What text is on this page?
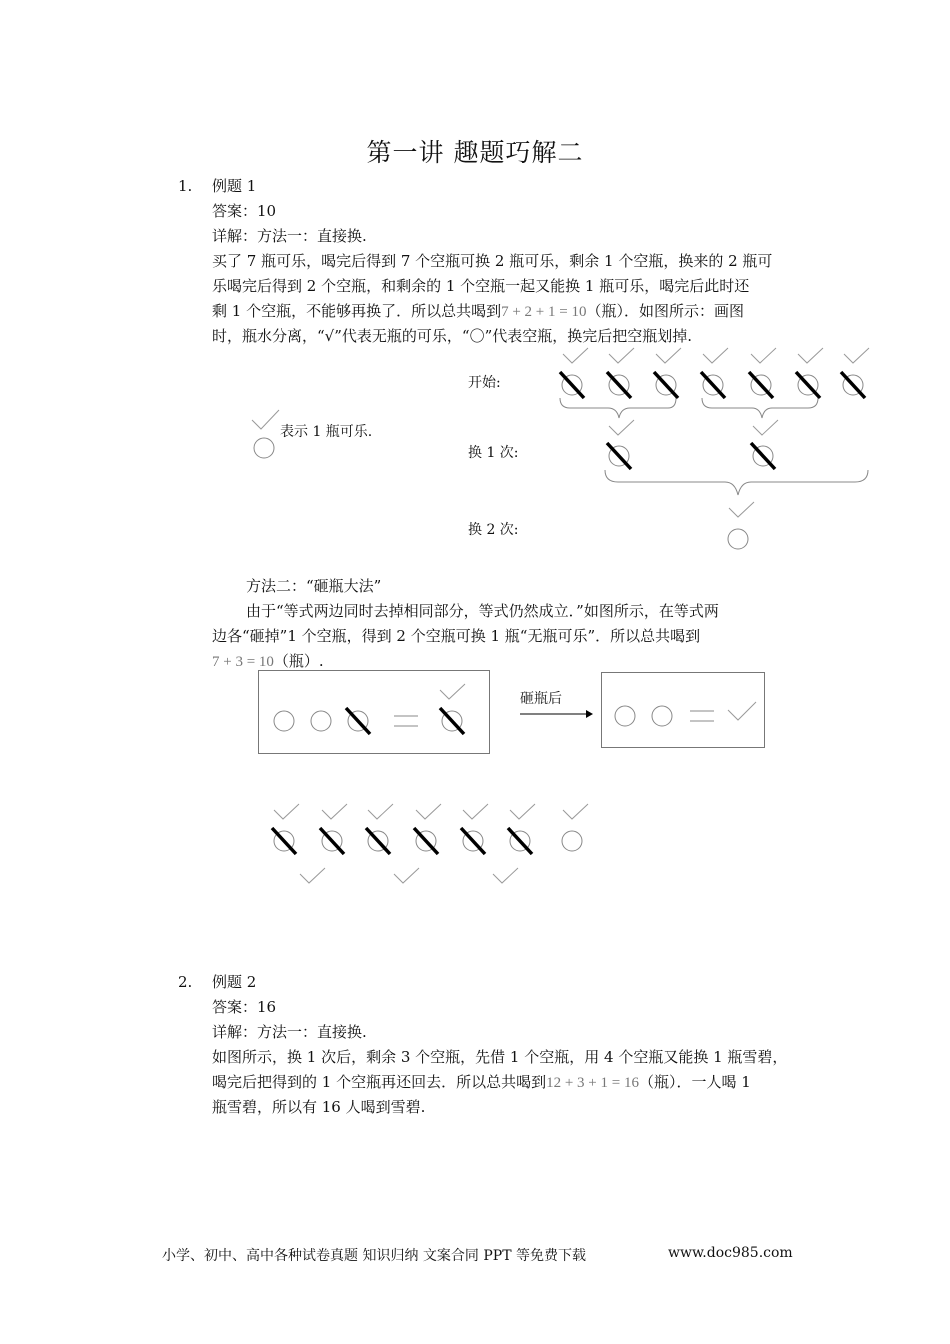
第一讲 趣题巧解二
1. 例题 1
答案：10
详解：方法一：直接换.
买了 7 瓶可乐，喝完后得到 7 个空瓶可换 2 瓶可乐，剩余 1 个空瓶，换来的 2 瓶可
乐喝完后得到 2 个空瓶，和剩余的 1 个空瓶一起又能换 1 瓶可乐，喝完后此时还
剩 1 个空瓶，不能够再换了．所以总共喝到7 + 2 + 1 = 10（瓶）．如图所示：画图
时，瓶水分离，“√”代表无瓶的可乐，“〇”代表空瓶，换完后把空瓶划掉.
表示 1 瓶可乐.
开始:
换 1 次:
换 2 次:
方法二：“砸瓶大法”
由于“等式两边同时去掉相同部分，等式仍然成立．”如图所示，在等式两
边各“砸掉”1 个空瓶，得到 2 个空瓶可换 1 瓶“无瓶可乐”．所以总共喝到
7 + 3 = 10（瓶）.
砸瓶后
2. 例题 2
答案：16
详解：方法一：直接换.
如图所示，换 1 次后，剩余 3 个空瓶，先借 1 个空瓶，用 4 个空瓶又能换 1 瓶雪碧，
喝完后把得到的 1 个空瓶再还回去．所以总共喝到12 + 3 + 1 = 16（瓶）．一人喝 1
瓶雪碧，所以有 16 人喝到雪碧.
小学、初中、高中各种试卷真题 知识归纳 文案合同 PPT 等免费下载	www.doc985.com
